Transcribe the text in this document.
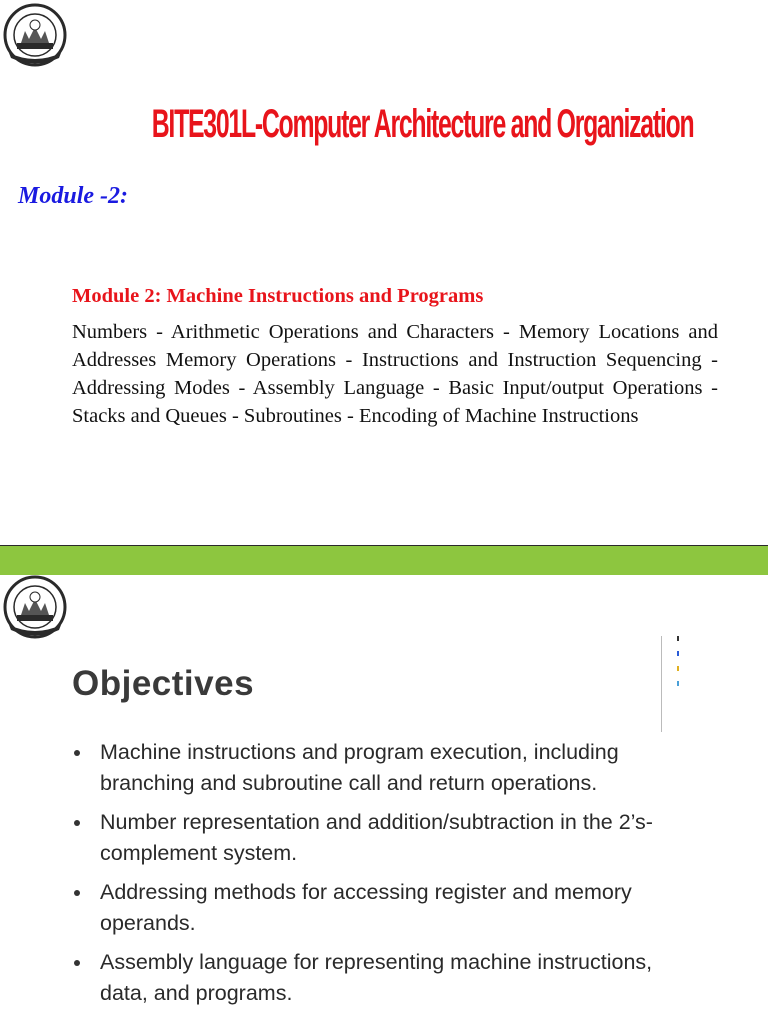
BITE301L-Computer Architecture and Organization
Module -2:
Module 2: Machine Instructions and Programs
Numbers - Arithmetic Operations and Characters - Memory Locations and Addresses Memory Operations - Instructions and Instruction Sequencing - Addressing Modes - Assembly Language - Basic Input/output Operations - Stacks and Queues - Subroutines - Encoding of Machine Instructions
Objectives
Machine instructions and program execution, including branching and subroutine call and return operations.
Number representation and addition/subtraction in the 2’s-complement system.
Addressing methods for accessing register and memory operands.
Assembly language for representing machine instructions, data, and programs.
